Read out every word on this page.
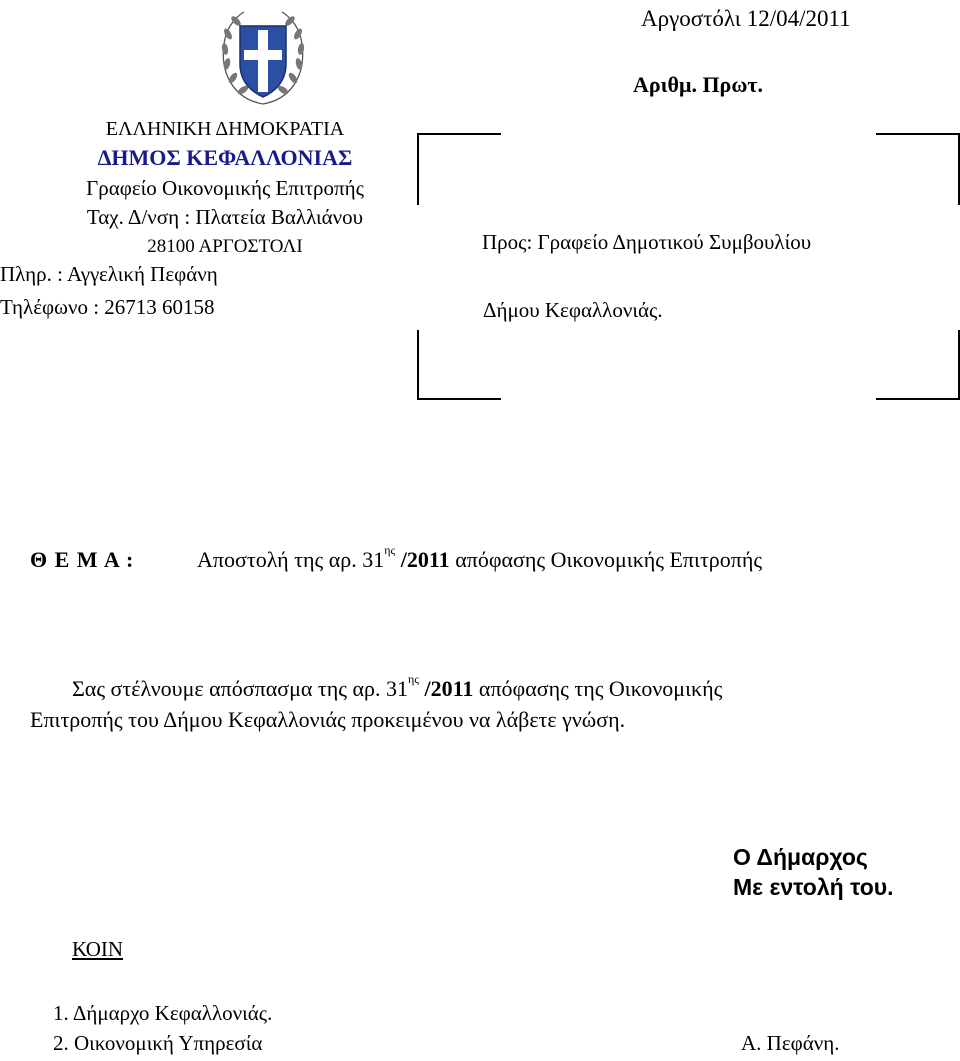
ΕΛΛΗΝΙΚΗ ΔΗΜΟΚΡΑΤΙΑ
ΔΗΜΟΣ ΚΕΦΑΛΛΟΝΙΑΣ
Γραφείο Οικονομικής Επιτροπής
Ταχ. Δ/νση : Πλατεία Βαλλιάνου
28100 ΑΡΓΟΣΤΟΛΙ
Πληρ. : Αγγελική Πεφάνη
Τηλέφωνο : 26713 60158
Αργοστόλι 12/04/2011
Αριθμ. Πρωτ.
Προς: Γραφείο Δημοτικού Συμβουλίου
Δήμου Κεφαλλονιάς.
Θ Ε Μ Α :	Αποστολή της αρ. $31^{\eta\varsigma}$ /2011 απόφασης Οικονομικής Επιτροπής
Σας στέλνουμε απόσπασμα της αρ. $31^{\eta\varsigma}$ /2011 απόφασης της Οικονομικής
Επιτροπής του Δήμου Κεφαλλονιάς προκειμένου να λάβετε γνώση.
Ο Δήμαρχος
Με εντολή του.
ΚΟΙΝ
1. Δήμαρχο Κεφαλλονιάς.
2. Οικονομική Υπηρεσία	Α. Πεφάνη.
